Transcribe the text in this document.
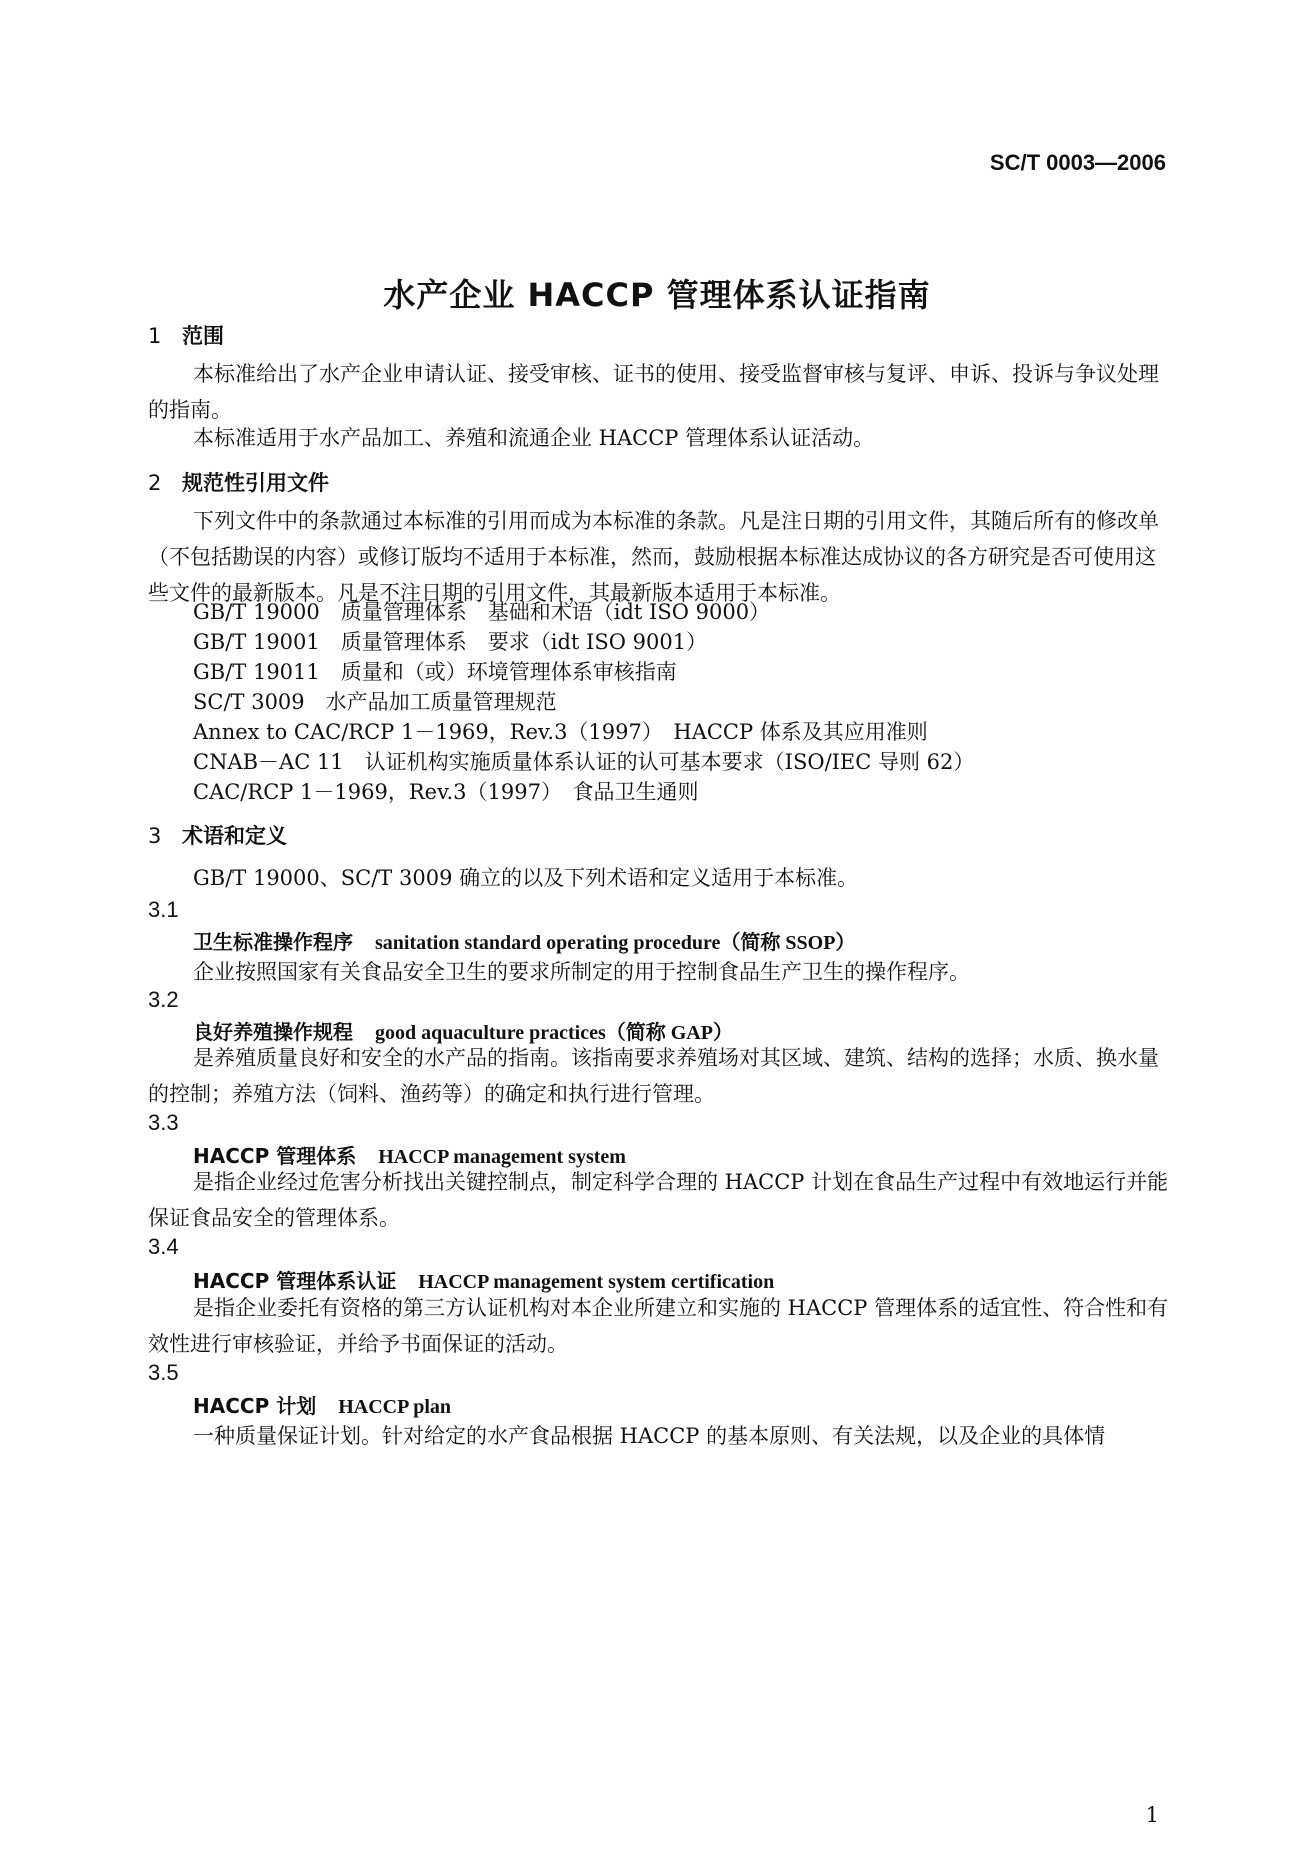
SC/T 0003—2006
水产企业 HACCP 管理体系认证指南
1 范围
本标准给出了水产企业申请认证、接受审核、证书的使用、接受监督审核与复评、申诉、投诉与争议处理的指南。
本标准适用于水产品加工、养殖和流通企业 HACCP 管理体系认证活动。
2 规范性引用文件
下列文件中的条款通过本标准的引用而成为本标准的条款。凡是注日期的引用文件，其随后所有的修改单（不包括勘误的内容）或修订版均不适用于本标准，然而，鼓励根据本标准达成协议的各方研究是否可使用这些文件的最新版本。凡是不注日期的引用文件，其最新版本适用于本标准。
GB/T 19000　质量管理体系　基础和术语（idt ISO 9000）
GB/T 19001　质量管理体系　要求（idt ISO 9001）
GB/T 19011　质量和（或）环境管理体系审核指南
SC/T 3009　水产品加工质量管理规范
Annex to CAC/RCP 1－1969，Rev.3（1997）　HACCP 体系及其应用准则
CNAB－AC 11　认证机构实施质量体系认证的认可基本要求（ISO/IEC 导则 62）
CAC/RCP 1－1969，Rev.3（1997）　食品卫生通则
3 术语和定义
GB/T 19000、SC/T 3009 确立的以及下列术语和定义适用于本标准。
3.1
卫生标准操作程序 sanitation standard operating procedure（简称 SSOP）
企业按照国家有关食品安全卫生的要求所制定的用于控制食品生产卫生的操作程序。
3.2
良好养殖操作规程 good aquaculture practices（简称 GAP）
是养殖质量良好和安全的水产品的指南。该指南要求养殖场对其区域、建筑、结构的选择；水质、换水量的控制；养殖方法（饲料、渔药等）的确定和执行进行管理。
3.3
HACCP 管理体系 HACCP management system
是指企业经过危害分析找出关键控制点，制定科学合理的 HACCP 计划在食品生产过程中有效地运行并能保证食品安全的管理体系。
3.4
HACCP 管理体系认证 HACCP management system certification
是指企业委托有资格的第三方认证机构对本企业所建立和实施的 HACCP 管理体系的适宜性、符合性和有效性进行审核验证，并给予书面保证的活动。
3.5
HACCP 计划 HACCP plan
一种质量保证计划。针对给定的水产食品根据 HACCP 的基本原则、有关法规，以及企业的具体情
1
